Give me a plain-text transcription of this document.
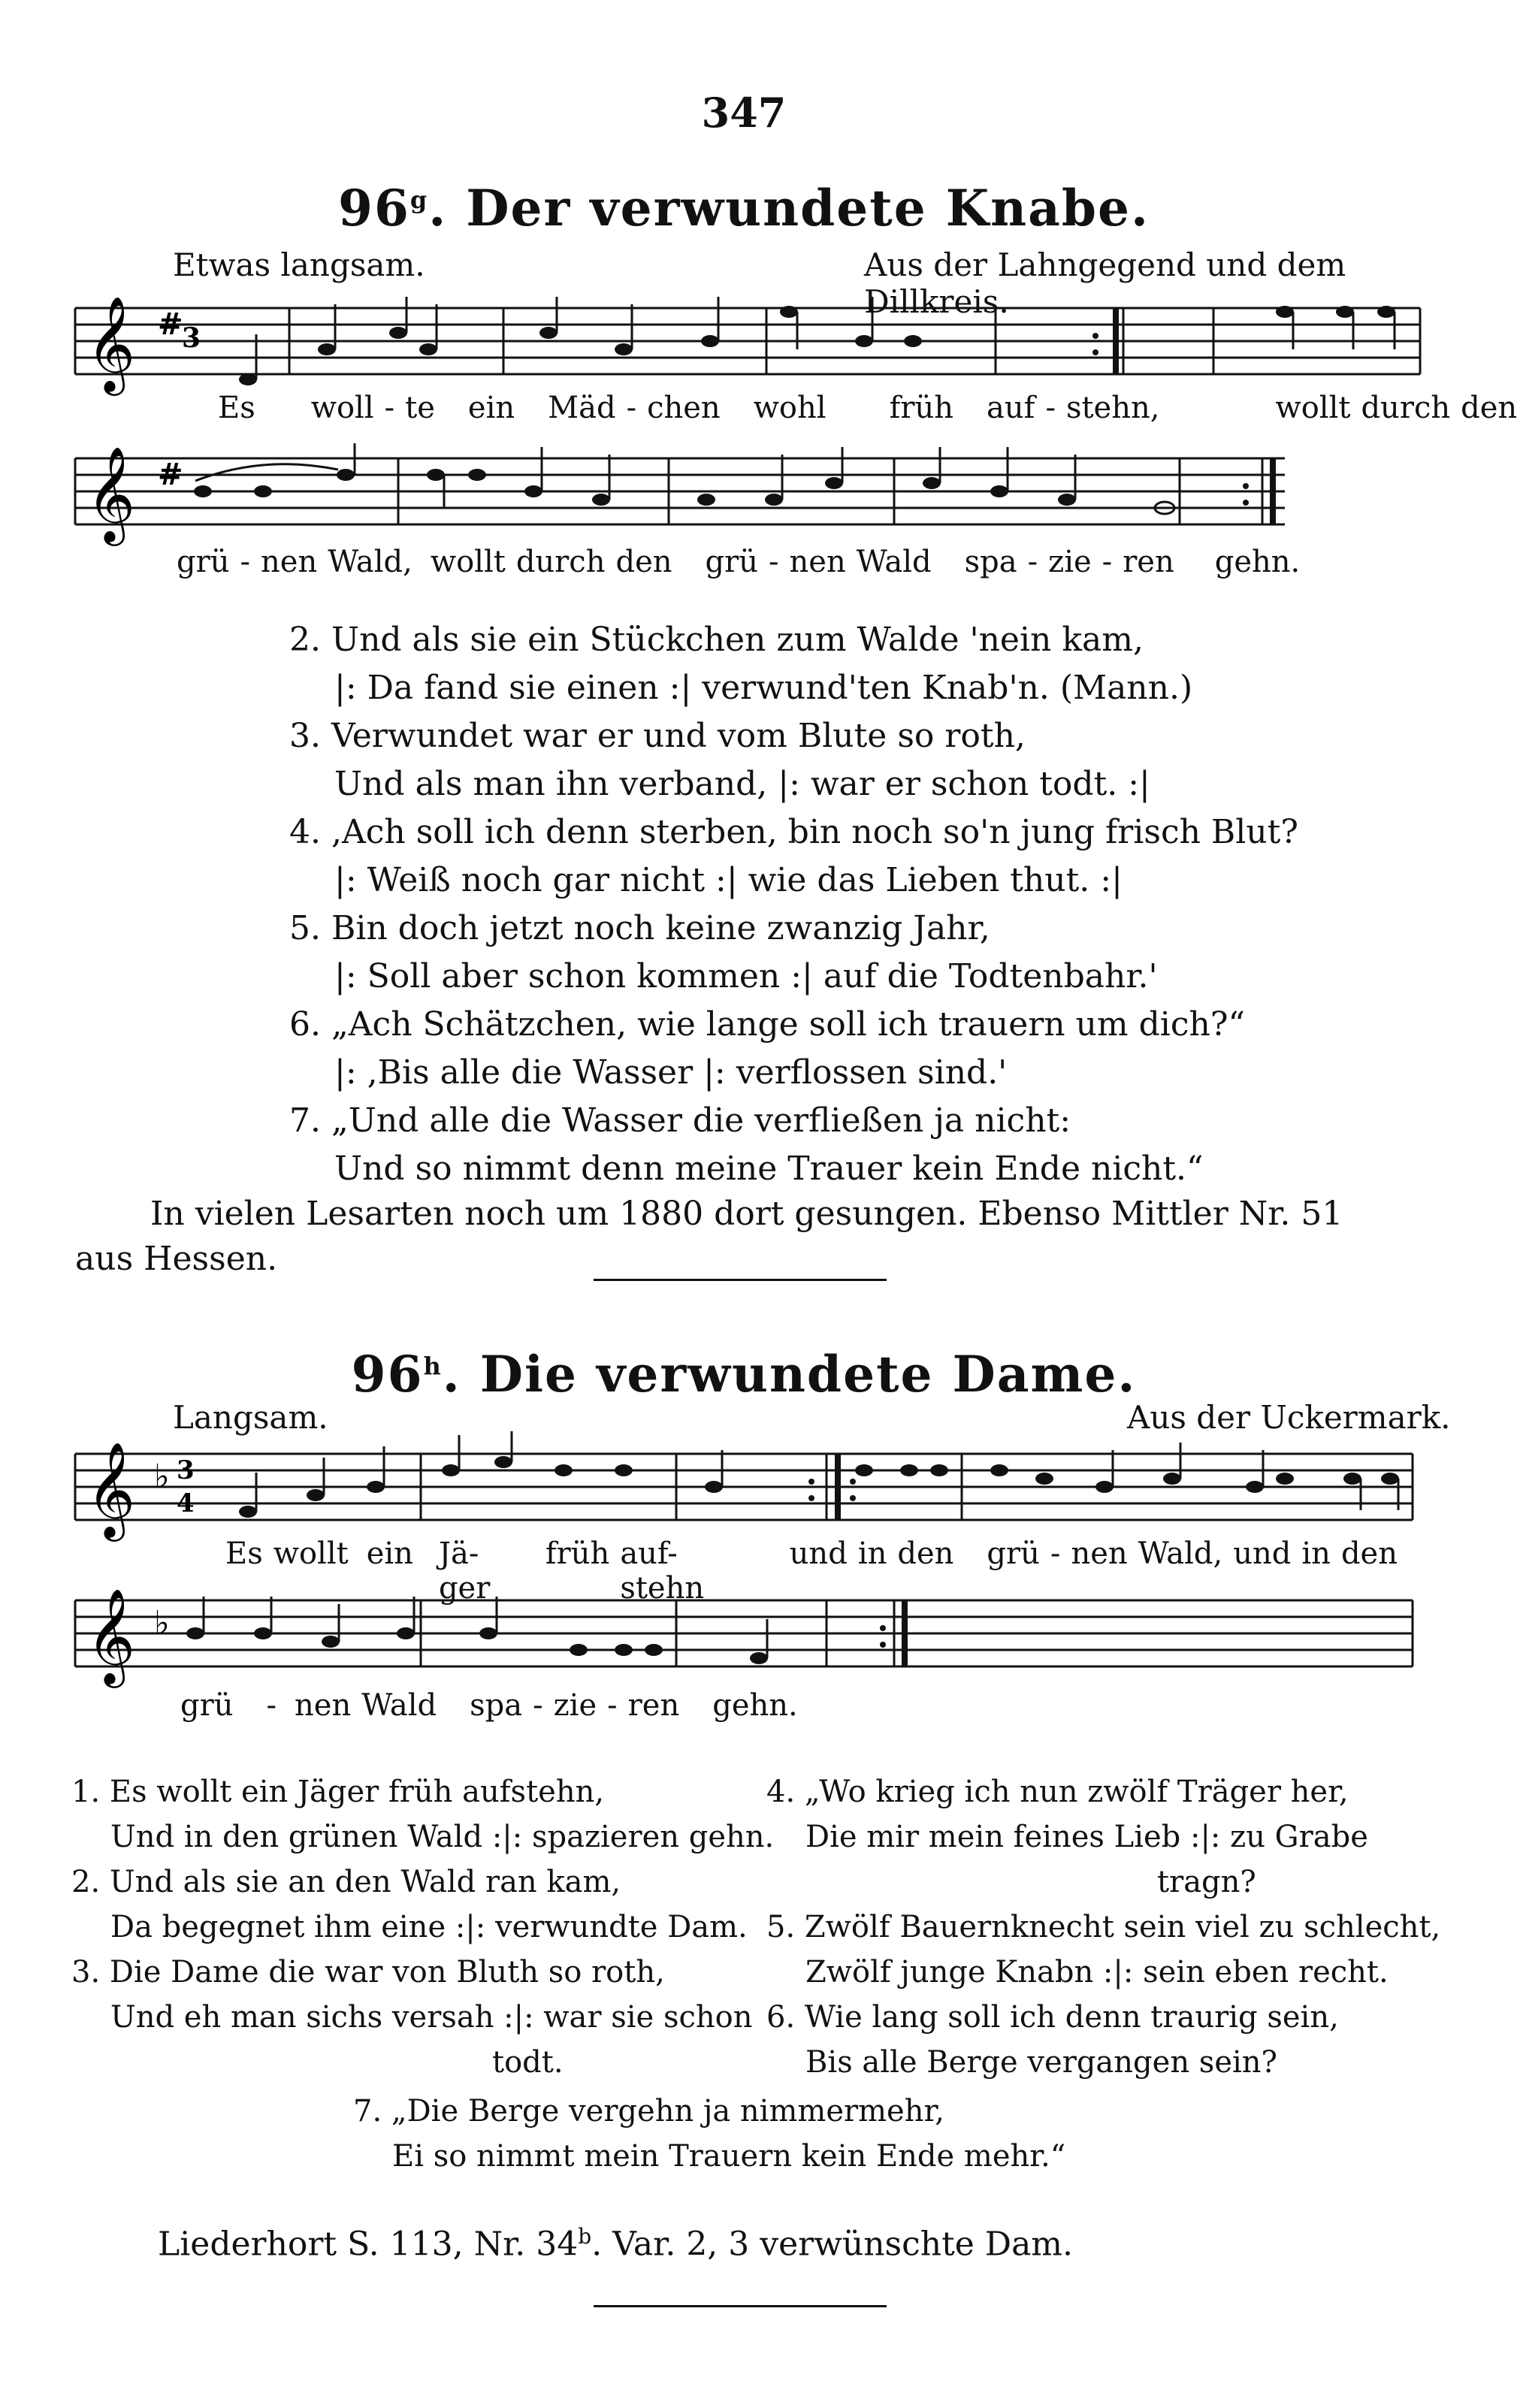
347
96$^g$. Der verwundete Knabe.
Etwas langsam.	Aus der Lahngegend und dem Dillkreis.
𝄞 #
3
Es woll - te ein Mäd - chen wohl früh auf - stehn,	wollt durch den
𝄞 #
grü - nen Wald, wollt durch den grü - nen Wald spa - zie - ren gehn.
2. Und als sie ein Stückchen zum Walde 'nein kam,
|: Da fand sie einen :| verwund'ten Knab'n. (Mann.)
3. Verwundet war er und vom Blute so roth,
Und als man ihn verband, |: war er schon todt. :|
4. ,Ach soll ich denn sterben, bin noch so'n jung frisch Blut?
|: Weiß noch gar nicht :| wie das Lieben thut. :|
5. Bin doch jetzt noch keine zwanzig Jahr,
|: Soll aber schon kommen :| auf die Todtenbahr.'
6. „Ach Schätzchen, wie lange soll ich trauern um dich?“
|: ,Bis alle die Wasser |: verflossen sind.'
7. „Und alle die Wasser die verfließen ja nicht:
Und so nimmt denn meine Trauer kein Ende nicht.“
In vielen Lesarten noch um 1880 dort gesungen. Ebenso Mittler Nr. 51
aus Hessen.
96$^h$. Die verwundete Dame.
Langsam.	Aus der Uckermark.
𝄞 ♭ 3
4
Es wollt ein Jä-ger
früh auf-stehn
und in den grü - nen Wald, und in den
𝄞 ♭
grü - nen Wald spa - zie - ren gehn.
1. Es wollt ein Jäger früh aufstehn,
Und in den grünen Wald :|: spazieren gehn.
2. Und als sie an den Wald ran kam,
Da begegnet ihm eine :|: verwundte Dam.
3. Die Dame die war von Bluth so roth,
Und eh man sichs versah :|: war sie schon
todt.
4. „Wo krieg ich nun zwölf Träger her,
Die mir mein feines Lieb :|: zu Grabe
tragn?
5. Zwölf Bauernknecht sein viel zu schlecht,
Zwölf junge Knabn :|: sein eben recht.
6. Wie lang soll ich denn traurig sein,
Bis alle Berge vergangen sein?
7. „Die Berge vergehn ja nimmermehr,
Ei so nimmt mein Trauern kein Ende mehr.“
Liederhort S. 113, Nr. 34$^b$. Var. 2, 3 verwünschte Dam.
